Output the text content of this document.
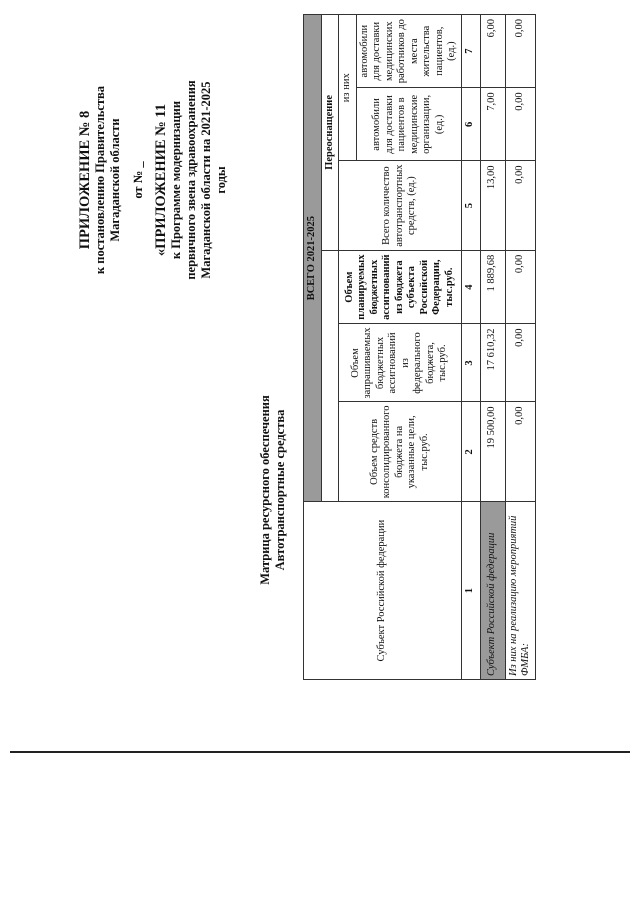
ПРИЛОЖЕНИЕ № 8 к постановлению Правительства Магаданской области от № _ «ПРИЛОЖЕНИЕ № 11 к Программе модернизации первичного звена здравоохранения Магаданской области на 2021-2025 годы
Матрица ресурсного обеспечения Автотранспортные средства
Субъект Российской федерации	ВСЕГО 2021-2025					
				Переоснащение		
	Объем средств консолидированного бюджета на указанные цели, тыс.руб.	Объем запрашиваемых бюджетных ассигнований из федерального бюджета, тыс.руб.	Объем планируемых бюджетных ассигнований из бюджета субъекта Российской Федерации, тыс.руб.	Всего количество автотранспортных средств, (ед.)	из них	
					автомобили для доставки пациентов в медицинские организации, (ед.)	автомобили для доставки медицинских работников до места жительства пациентов, (ед.)
1	2	3	4	5	6	7
Субъект Российской федерации	19 500,00	17 610,32	1 889,68	13,00	7,00	6,00
Из них на реализацию мероприятий ФМБА:	0,00	0,00	0,00	0,00	0,00	0,00
